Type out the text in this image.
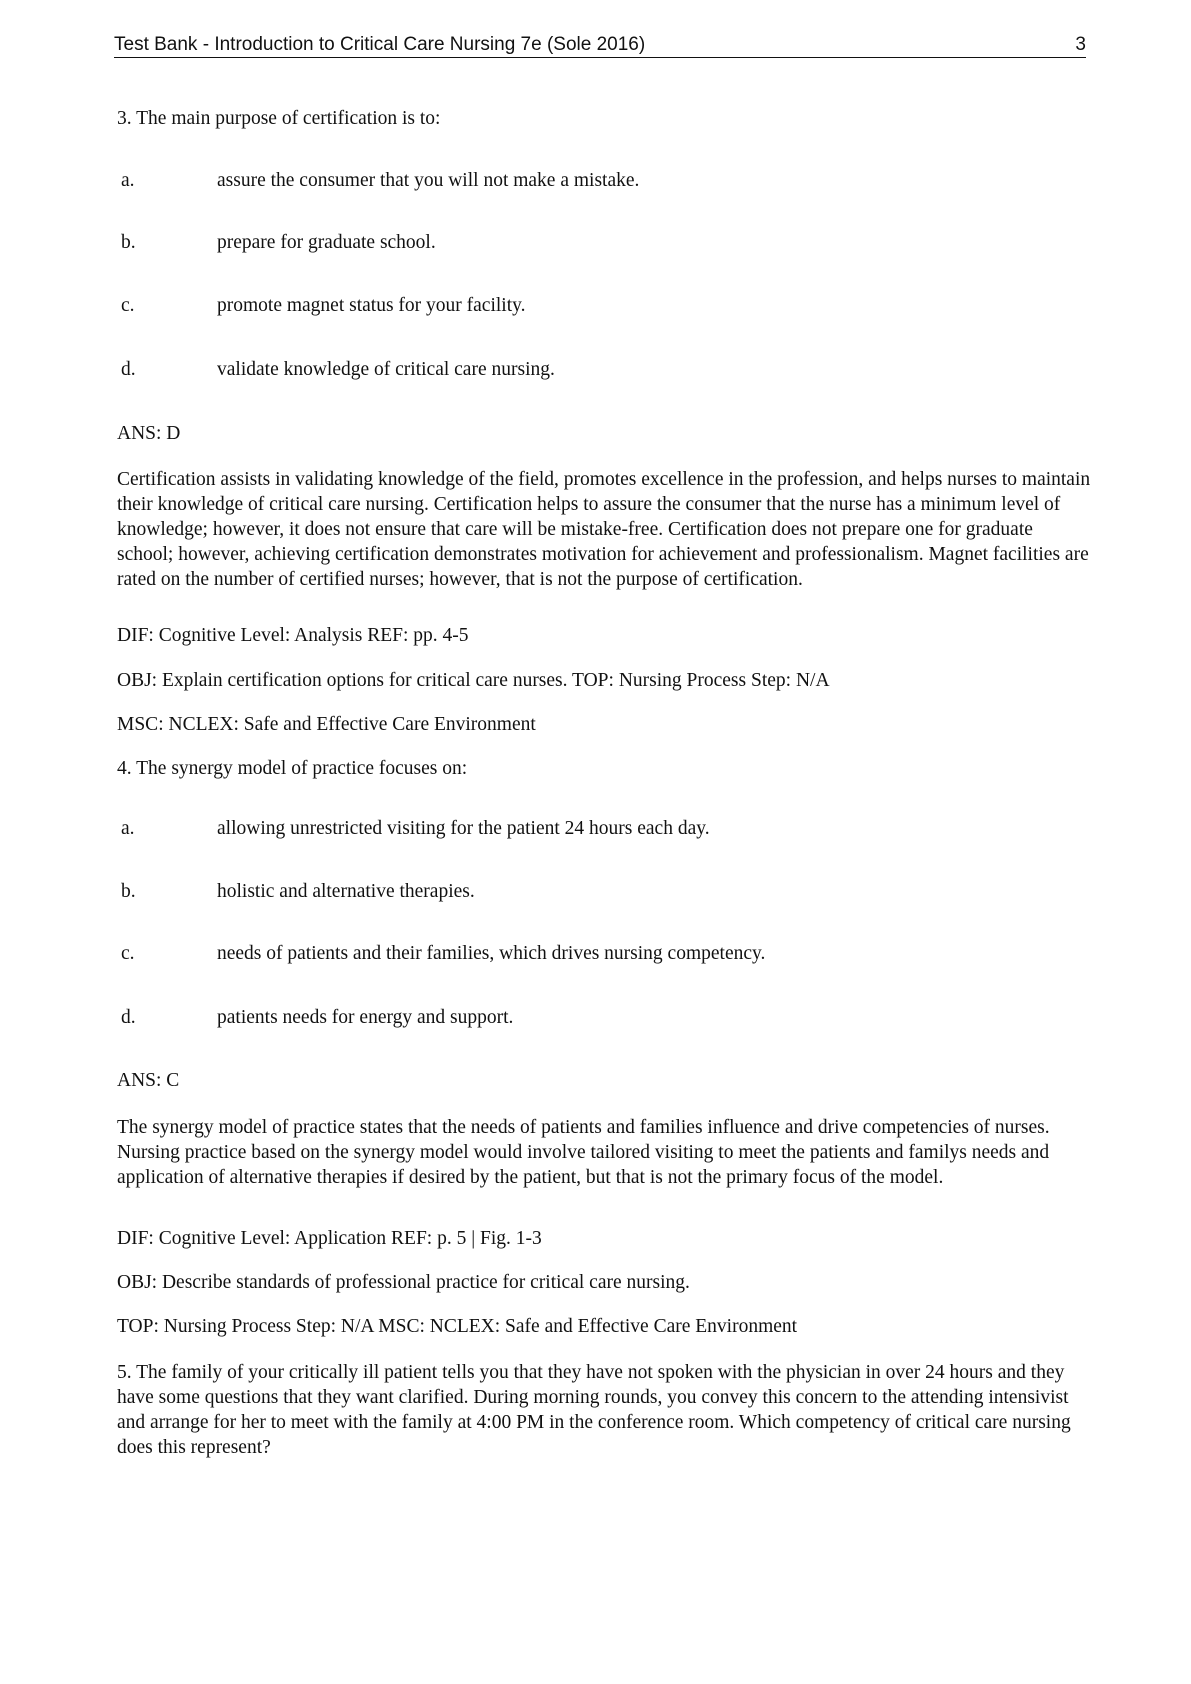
Test Bank - Introduction to Critical Care Nursing 7e (Sole 2016)	3

3. The main purpose of certification is to:

a.	assure the consumer that you will not make a mistake.
b.	prepare for graduate school.
c.	promote magnet status for your facility.
d.	validate knowledge of critical care nursing.

ANS: D

Certification assists in validating knowledge of the field, promotes excellence in the profession, and helps nurses to maintain their knowledge of critical care nursing. Certification helps to assure the consumer that the nurse has a minimum level of knowledge; however, it does not ensure that care will be mistake-free. Certification does not prepare one for graduate school; however, achieving certification demonstrates motivation for achievement and professionalism. Magnet facilities are rated on the number of certified nurses; however, that is not the purpose of certification.

DIF: Cognitive Level: Analysis REF: pp. 4-5

OBJ: Explain certification options for critical care nurses. TOP: Nursing Process Step: N/A

MSC: NCLEX: Safe and Effective Care Environment

4. The synergy model of practice focuses on:

a.	allowing unrestricted visiting for the patient 24 hours each day.
b.	holistic and alternative therapies.
c.	needs of patients and their families, which drives nursing competency.
d.	patients needs for energy and support.

ANS: C

The synergy model of practice states that the needs of patients and families influence and drive competencies of nurses. Nursing practice based on the synergy model would involve tailored visiting to meet the patients and familys needs and application of alternative therapies if desired by the patient, but that is not the primary focus of the model.

DIF: Cognitive Level: Application REF: p. 5 | Fig. 1-3

OBJ: Describe standards of professional practice for critical care nursing.

TOP: Nursing Process Step: N/A MSC: NCLEX: Safe and Effective Care Environment

5. The family of your critically ill patient tells you that they have not spoken with the physician in over 24 hours and they have some questions that they want clarified. During morning rounds, you convey this concern to the attending intensivist and arrange for her to meet with the family at 4:00 PM in the conference room. Which competency of critical care nursing does this represent?
